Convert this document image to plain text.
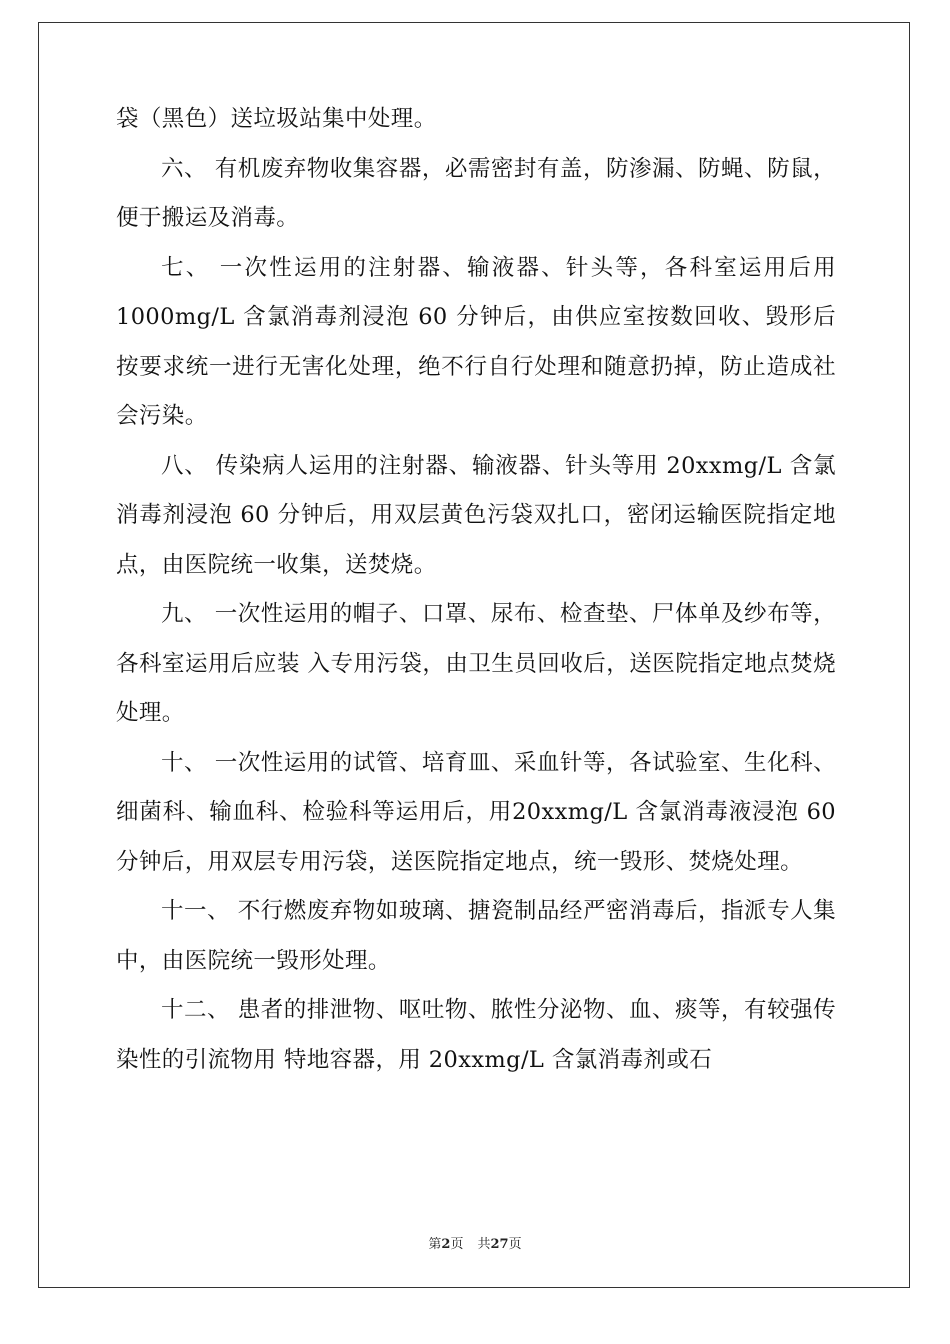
袋（黑色）送垃圾站集中处理。

六、 有机废弃物收集容器，必需密封有盖，防渗漏、防蝇、防鼠，便于搬运及消毒。

七、 一次性运用的注射器、输液器、针头等，各科室运用后用 1000mg/L 含氯消毒剂浸泡 60 分钟后，由供应室按数回收、毁形后按要求统一进行无害化处理，绝不行自行处理和随意扔掉，防止造成社会污染。

八、 传染病人运用的注射器、输液器、针头等用 20xxmg/L 含氯消毒剂浸泡 60 分钟后，用双层黄色污袋双扎口，密闭运输医院指定地点，由医院统一收集，送焚烧。

九、 一次性运用的帽子、口罩、尿布、检查垫、尸体单及纱布等，各科室运用后应装 入专用污袋，由卫生员回收后，送医院指定地点焚烧处理。

十、 一次性运用的试管、培育皿、采血针等，各试验室、生化科、细菌科、输血科、检验科等运用后，用20xxmg/L 含氯消毒液浸泡 60 分钟后，用双层专用污袋，送医院指定地点，统一毁形、焚烧处理。

十一、 不行燃废弃物如玻璃、搪瓷制品经严密消毒后，指派专人集中，由医院统一毁形处理。

十二、 患者的排泄物、呕吐物、脓性分泌物、血、痰等，有较强传染性的引流物用 特地容器，用 20xxmg/L 含氯消毒剂或石

第2页 共27页
